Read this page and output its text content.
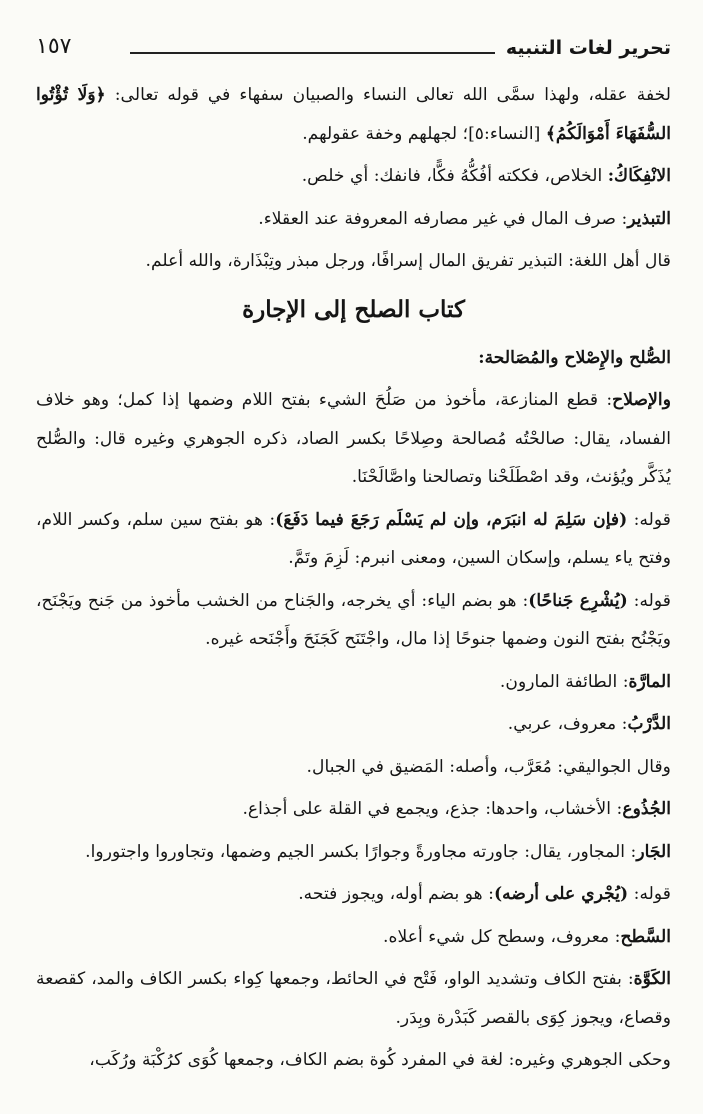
تحرير لغات التنبيه
١٥٧

لخفة عقله، ولهذا سمَّى الله تعالى النساء والصبيان سفهاء في قوله تعالى: ﴿وَلَا تُؤْتُوا السُّفَهَاءَ أَمْوَالَكُمُ﴾ [النساء:٥]؛ لجهلهم وخفة عقولهم.

الانْفِكَاكُ: الخلاص، فككته أفُكُّهُ فكًّا، فانفك: أي خلص.

التبذير: صرف المال في غير مصارفه المعروفة عند العقلاء.

قال أهل اللغة: التبذير تفريق المال إسرافًا، ورجل مبذر وتِبْذَارة، والله أعلم.

كتاب الصلح إلى الإجارة

الصُّلح والإِصْلاح والمُصَالحة:

والإصلاح: قطع المنازعة، مأخوذ من صَلُحَ الشيء بفتح اللام وضمها إذا كمل؛ وهو خلاف الفساد، يقال: صالحْتُه مُصالحة وصِلاحًا بكسر الصاد، ذكره الجوهري وغيره قال: والصُّلح يُذَكَّر ويُؤنث، وقد اصْطَلَحْنا وتصالحنا واصَّالَحْنَا.

قوله: (فإن سَلِمَ له انبَرَم، وإن لم يَسْلَم رَجَعَ فيما دَفَعَ): هو بفتح سين سلم، وكسر اللام، وفتح ياء يسلم، وإسكان السين، ومعنى انبرم: لَزِمَ وتَمَّ.

قوله: (يُشْرِع جَناحًا): هو بضم الياء: أي يخرجه، والجَناح من الخشب مأخوذ من جَنح ويَجْنَح، ويَجْنُح بفتح النون وضمها جنوحًا إذا مال، واجْتَنَح كَجَنَحَ وأَجْنَحه غيره.

المارَّة: الطائفة المارون.

الدَّرْبُ: معروف، عربي.

وقال الجواليقي: مُعَرَّب، وأصله: المَضيق في الجبال.

الجُذُوع: الأخشاب، واحدها: جذع، ويجمع في القلة على أجذاع.

الجَار: المجاور، يقال: جاورته مجاورةً وجوارًا بكسر الجيم وضمها، وتجاوروا واجتوروا.

قوله: (يُجْري على أرضه): هو بضم أوله، ويجوز فتحه.

السَّطح: معروف، وسطح كل شيء أعلاه.

الكَوَّة: بفتح الكاف وتشديد الواو، فَتْح في الحائط، وجمعها كِواء بكسر الكاف والمد، كقصعة وقصاع، ويجوز كِوَى بالقصر كَبَدْرة وبِدَر.

وحكى الجوهري وغيره: لغة في المفرد كُوة بضم الكاف، وجمعها كُوَى كرُكْبَة ورُكَب،
